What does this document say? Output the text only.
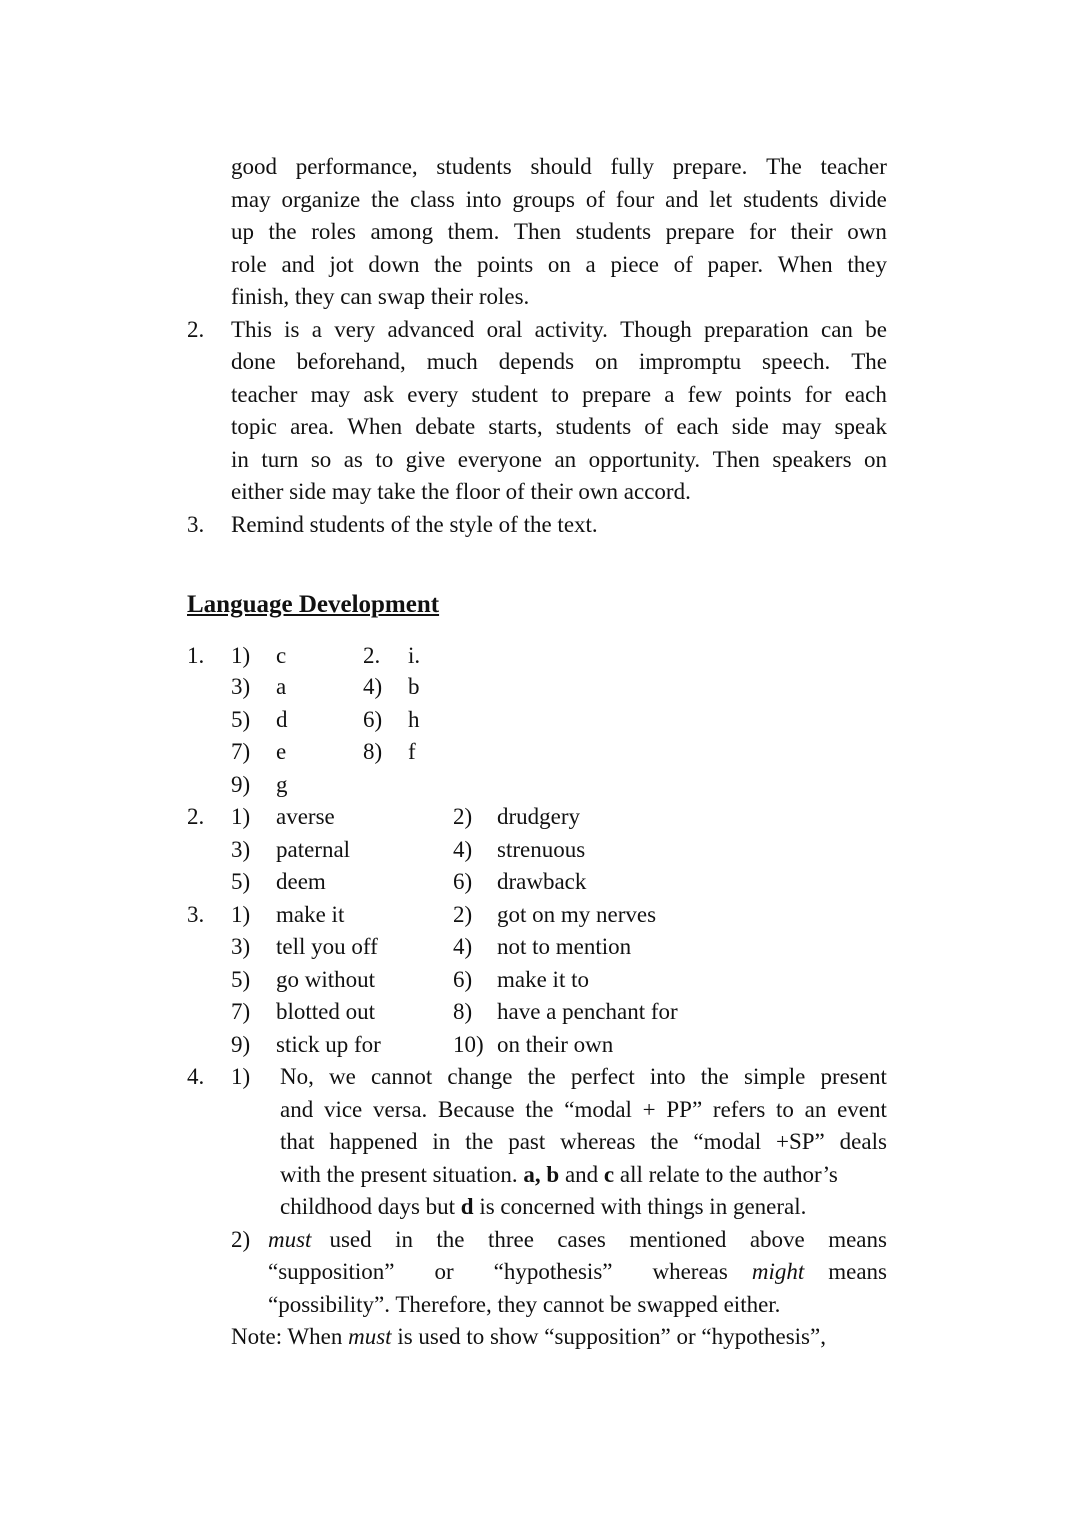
good performance, students should fully prepare. The teacher
may organize the class into groups of four and let students divide
up the roles among them. Then students prepare for their own
role and jot down the points on a piece of paper. When they
finish, they can swap their roles.
2. This is a very advanced oral activity. Though preparation can be
done beforehand, much depends on impromptu speech. The
teacher may ask every student to prepare a few points for each
topic area. When debate starts, students of each side may speak
in turn so as to give everyone an opportunity. Then speakers on
either side may take the floor of their own accord.
3. Remind students of the style of the text.
Language Development
1. 1) c	2. i.
3) a	4) b
5) d	6) h
7) e	8) f
9) g
2. 1) averse	2) drudgery
3) paternal	4) strenuous
5) deem	6) drawback
3. 1) make it	2) got on my nerves
3) tell you off	4) not to mention
5) go without	6) make it to
7) blotted out	8) have a penchant for
9) stick up for	10) on their own
4. 1) No, we cannot change the perfect into the simple present
and vice versa. Because the “modal + PP” refers to an event
that happened in the past whereas the “modal +SP” deals
with the present situation. a, b and c all relate to the author’s
childhood days but d is concerned with things in general.
2) must used in the three cases mentioned above means
“supposition” or “hypothesis” whereas might means
“possibility”. Therefore, they cannot be swapped either.
Note: When must is used to show “supposition” or “hypothesis”,
